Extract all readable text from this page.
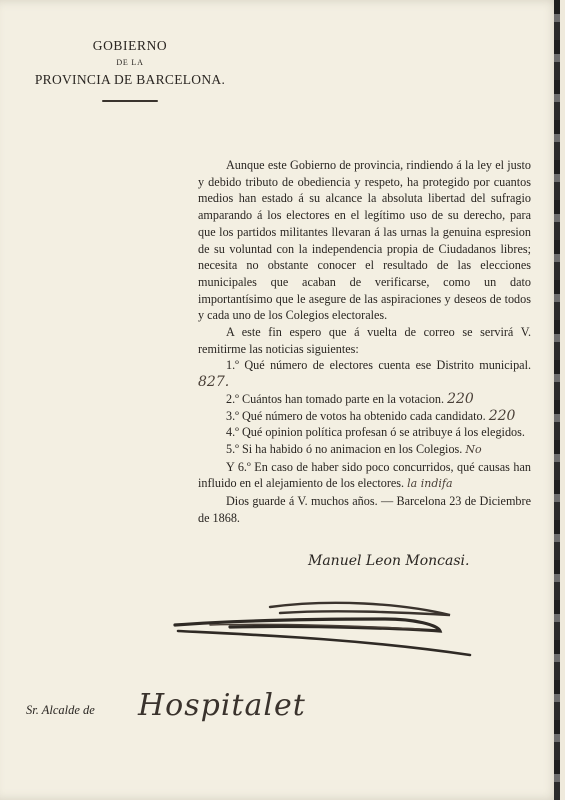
GOBIERNO
DE LA
PROVINCIA DE BARCELONA.

Aunque este Gobierno de provincia, rindiendo á la ley el justo y debido tributo de obediencia y respeto, ha protegido por cuantos medios han estado á su alcance la absoluta libertad del sufragio amparando á los electores en el legítimo uso de su derecho, para que los partidos militantes llevaran á las urnas la genuina espresion de su voluntad con la independencia propia de Ciudadanos libres; necesita no obstante conocer el resultado de las elecciones municipales que acaban de verificarse, como un dato importantísimo que le asegure de las aspiraciones y deseos de todos y cada uno de los Colegios electorales.

A este fin espero que á vuelta de correo se servirá V. remitirme las noticias siguientes:

1.º Qué número de electores cuenta ese Distrito municipal. 827.

2.º Cuántos han tomado parte en la votacion. 220

3.º Qué número de votos ha obtenido cada candidato. 220

4.º Qué opinion política profesan ó se atribuye á los elegidos.

5.º Si ha habido ó no animacion en los Colegios. No

Y 6.º En caso de haber sido poco concurridos, qué causas han influido en el alejamiento de los electores. la indifa

Dios guarde á V. muchos años. — Barcelona 23 de Diciembre de 1868.

Manuel Leon Moncasi.
Sr. Alcalde de Hospitalet
